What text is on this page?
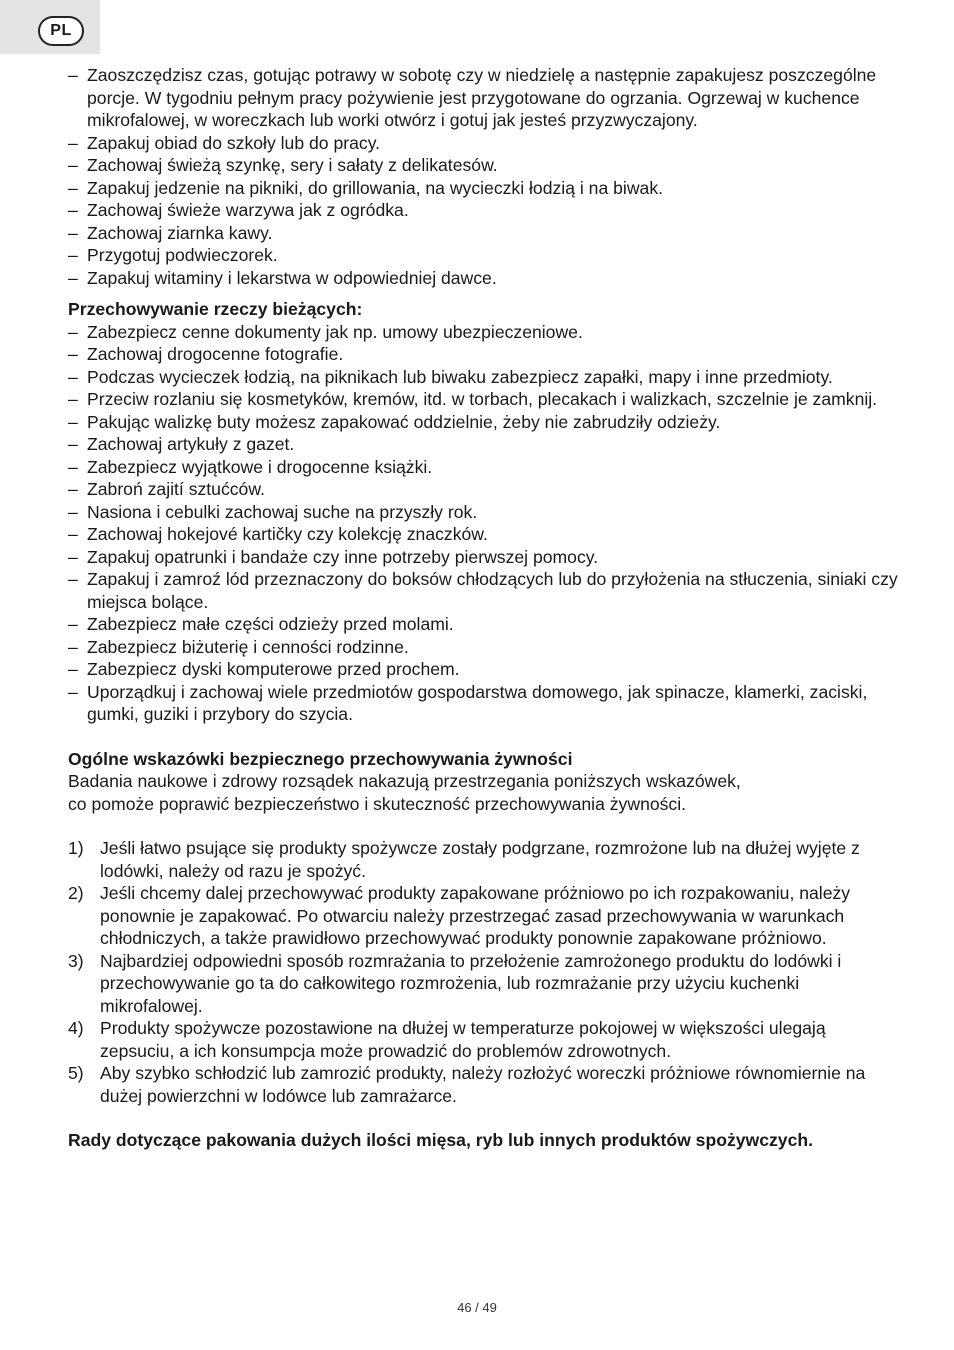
PL
– Zaoszczędzisz czas, gotując potrawy w sobotę czy w niedzielę a następnie zapakujesz poszczególne porcje. W tygodniu pełnym pracy pożywienie jest przygotowane do ogrzania. Ogrzewaj w kuchence mikrofalowej, w woreczkach lub worki otwórz i gotuj jak jesteś przyzwyczajony.
– Zapakuj obiad do szkoły lub do pracy.
– Zachowaj świeżą szynkę, sery i sałaty z delikatesów.
– Zapakuj jedzenie na pikniki, do grillowania, na wycieczki łodzią i na biwak.
– Zachowaj świeże warzywa jak z ogródka.
– Zachowaj ziarnka kawy.
– Przygotuj podwieczorek.
– Zapakuj witaminy i lekarstwa w odpowiedniej dawce.
Przechowywanie rzeczy bieżących:
– Zabezpiecz cenne dokumenty jak np. umowy ubezpieczeniowe.
– Zachowaj drogocenne fotografie.
– Podczas wycieczek łodzią, na piknikach lub biwaku zabezpiecz zapałki, mapy i inne przedmioty.
– Przeciw rozlaniu się kosmetyków, kremów, itd. w torbach, plecakach i walizkach, szczelnie je zamknij.
– Pakując walizkę buty możesz zapakować oddzielnie, żeby nie zabrudziły odzieży.
– Zachowaj artykuły z gazet.
– Zabezpiecz wyjątkowe i drogocenne książki.
– Zabroń zajití sztućców.
– Nasiona i cebulki zachowaj suche na przyszły rok.
– Zachowaj hokejové kartičky czy kolekcję znaczków.
– Zapakuj opatrunki i bandaże czy inne potrzeby pierwszej pomocy.
– Zapakuj i zamroź lód przeznaczony do boksów chłodzących lub do przyłożenia na stłuczenia, siniaki czy miejsca bolące.
– Zabezpiecz małe części odzieży przed molami.
– Zabezpiecz biżuterię i cenności rodzinne.
– Zabezpiecz dyski komputerowe przed prochem.
– Uporządkuj i zachowaj wiele przedmiotów gospodarstwa domowego, jak spinacze, klamerki, zaciski, gumki, guziki i przybory do szycia.
Ogólne wskazówki bezpiecznego przechowywania żywności
Badania naukowe i zdrowy rozsądek nakazują przestrzegania poniższych wskazówek,
co pomoże poprawić bezpieczeństwo i skuteczność przechowywania żywności.
1) Jeśli łatwo psujące się produkty spożywcze zostały podgrzane, rozmrożone lub na dłużej wyjęte z lodówki, należy od razu je spożyć.
2) Jeśli chcemy dalej przechowywać produkty zapakowane próżniowo po ich rozpakowaniu, należy ponownie je zapakować. Po otwarciu należy przestrzegać zasad przechowywania w warunkach chłodniczych, a także prawidłowo przechowywać produkty ponownie zapakowane próżniowo.
3) Najbardziej odpowiedni sposób rozmrażania to przełożenie zamrożonego produktu do lodówki i przechowywanie go ta do całkowitego rozmrożenia, lub rozmrażanie przy użyciu kuchenki mikrofalowej.
4) Produkty spożywcze pozostawione na dłużej w temperaturze pokojowej w większości ulegają zepsuciu, a ich konsumpcja może prowadzić do problemów zdrowotnych.
5) Aby szybko schłodzić lub zamrozić produkty, należy rozłożyć woreczki próżniowe równomiernie na dużej powierzchni w lodówce lub zamrażarce.
Rady dotyczące pakowania dużych ilości mięsa, ryb lub innych produktów spożywczych.
46 / 49
